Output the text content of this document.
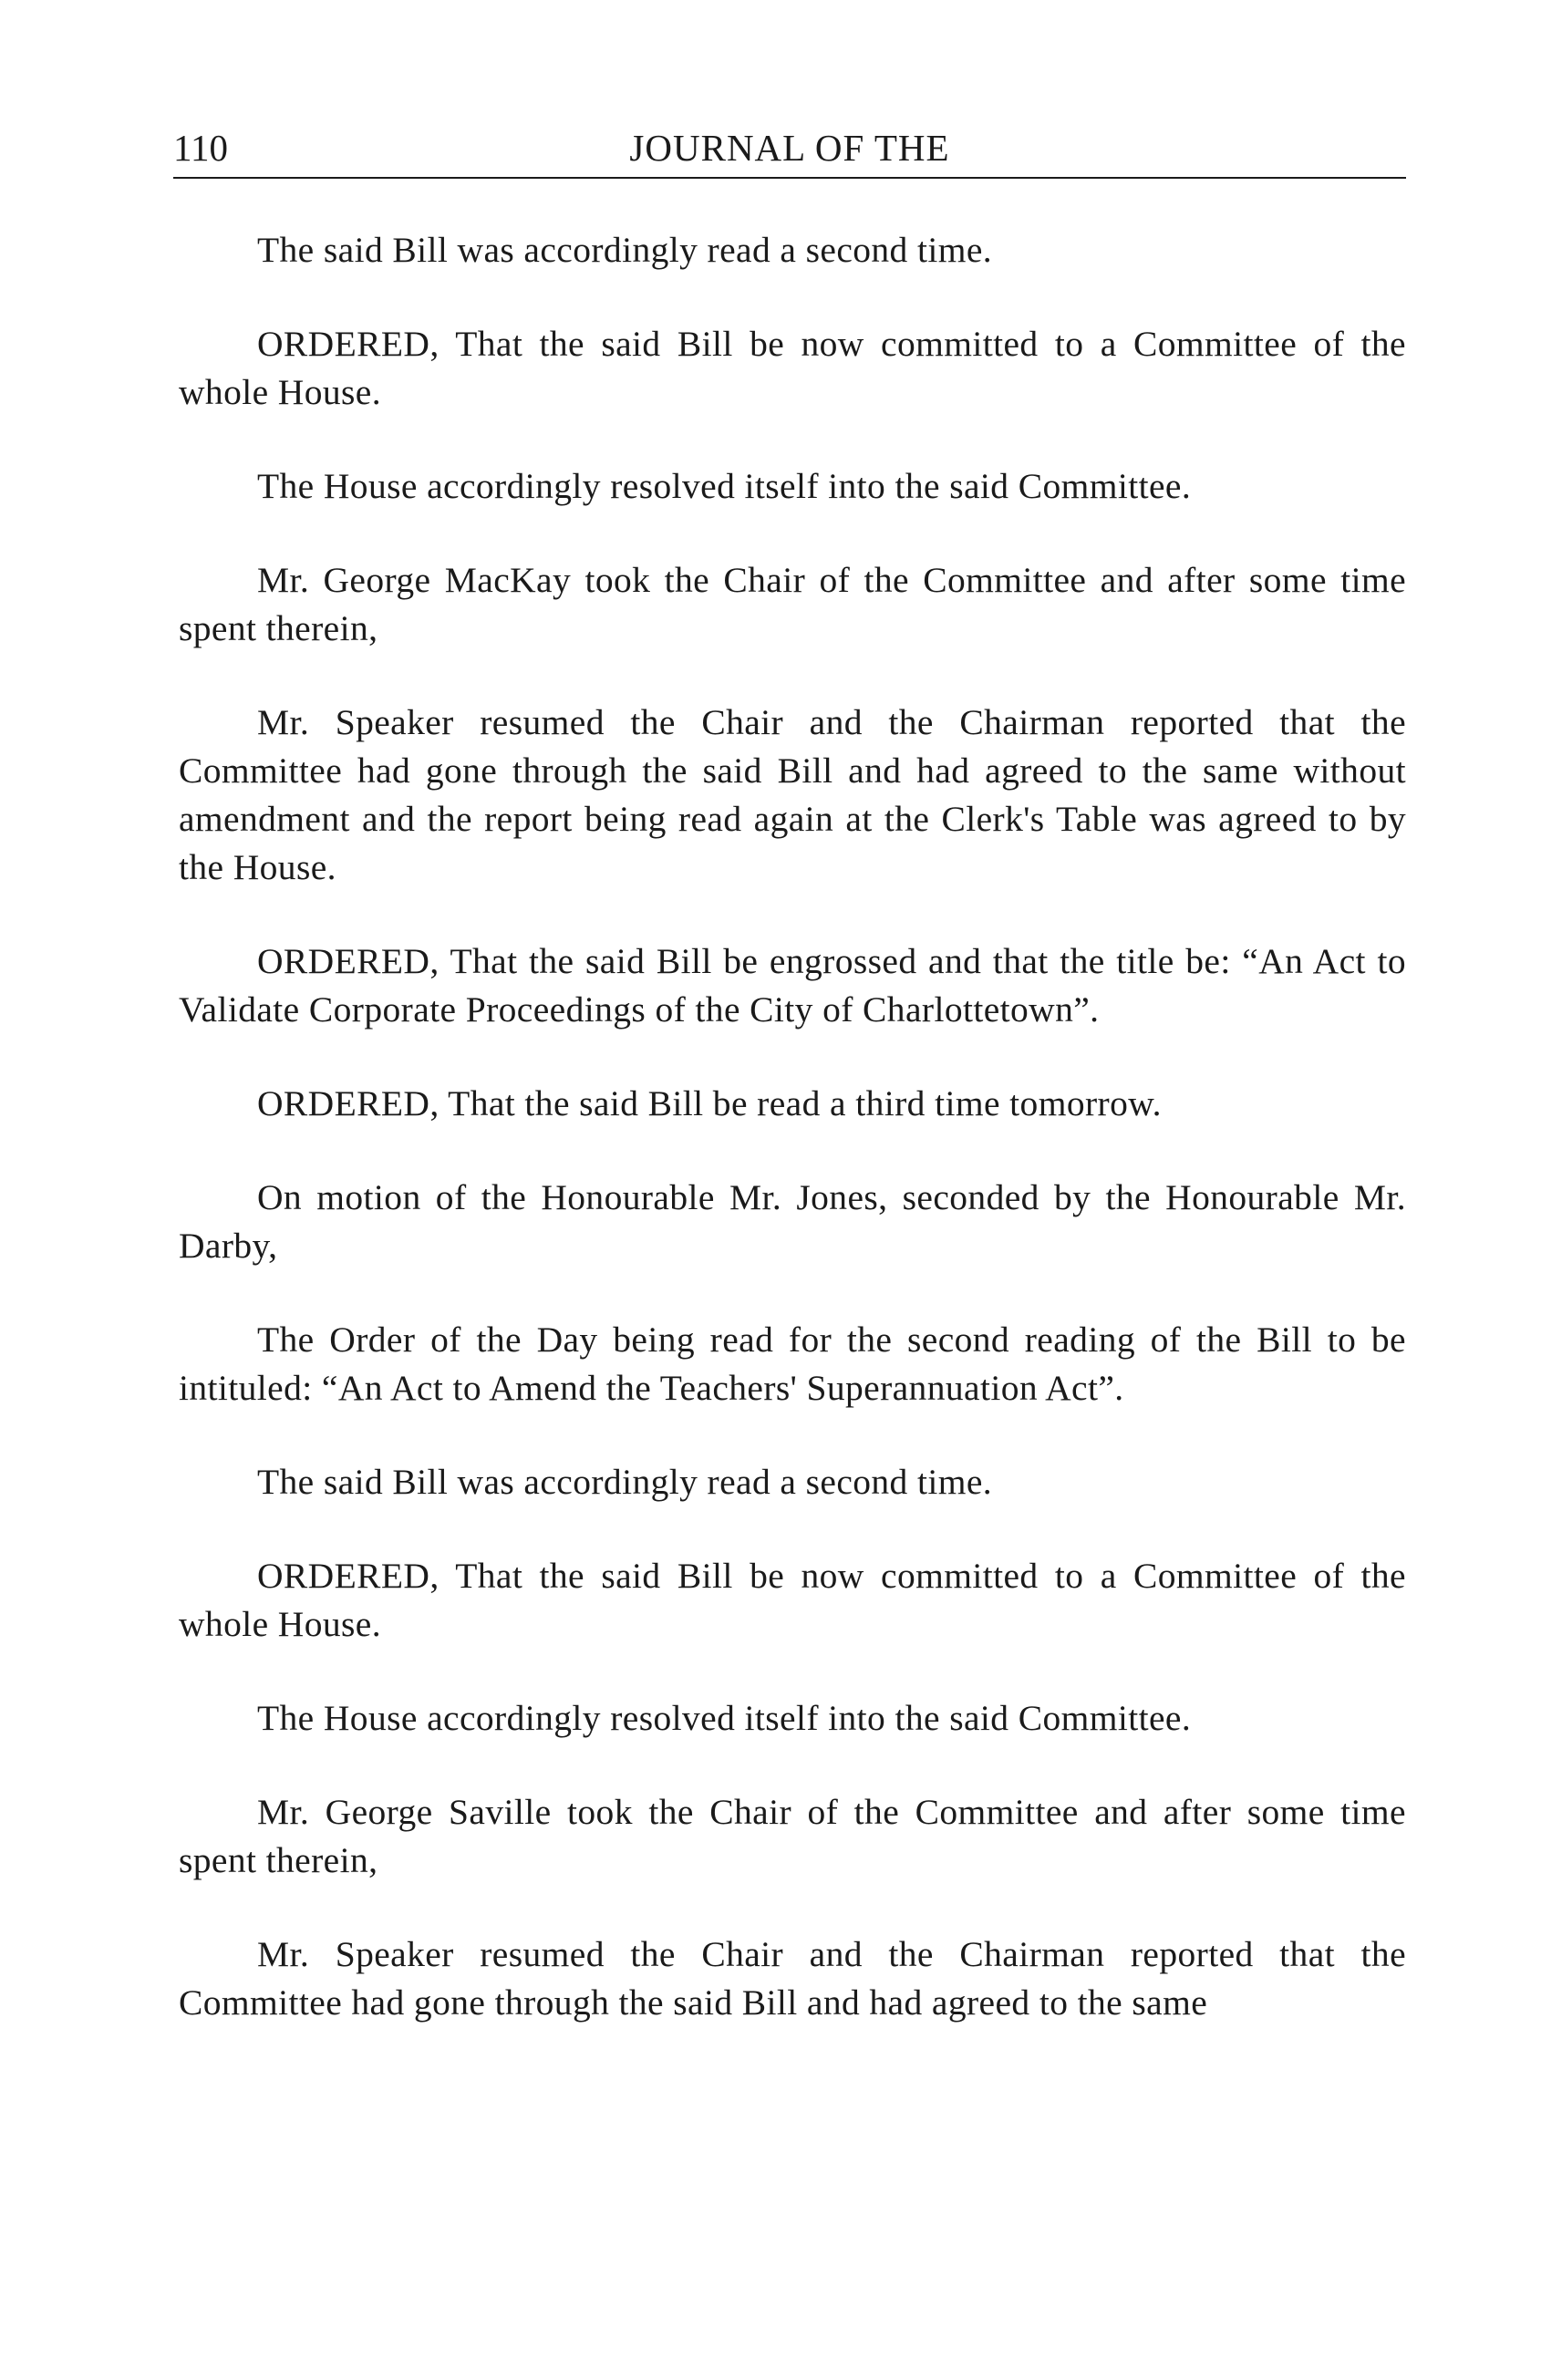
110	JOURNAL OF THE

The said Bill was accordingly read a second time.

ORDERED, That the said Bill be now committed to a Committee of the whole House.

The House accordingly resolved itself into the said Committee.

Mr. George MacKay took the Chair of the Committee and after some time spent therein,

Mr. Speaker resumed the Chair and the Chairman reported that the Committee had gone through the said Bill and had agreed to the same without amendment and the report being read again at the Clerk's Table was agreed to by the House.

ORDERED, That the said Bill be engrossed and that the title be: “An Act to Validate Corporate Proceedings of the City of Charlottetown”.

ORDERED, That the said Bill be read a third time tomorrow.

On motion of the Honourable Mr. Jones, seconded by the Honourable Mr. Darby,

The Order of the Day being read for the second reading of the Bill to be intituled: “An Act to Amend the Teachers' Superannuation Act”.

The said Bill was accordingly read a second time.

ORDERED, That the said Bill be now committed to a Committee of the whole House.

The House accordingly resolved itself into the said Committee.

Mr. George Saville took the Chair of the Committee and after some time spent therein,

Mr. Speaker resumed the Chair and the Chairman reported that the Committee had gone through the said Bill and had agreed to the same
